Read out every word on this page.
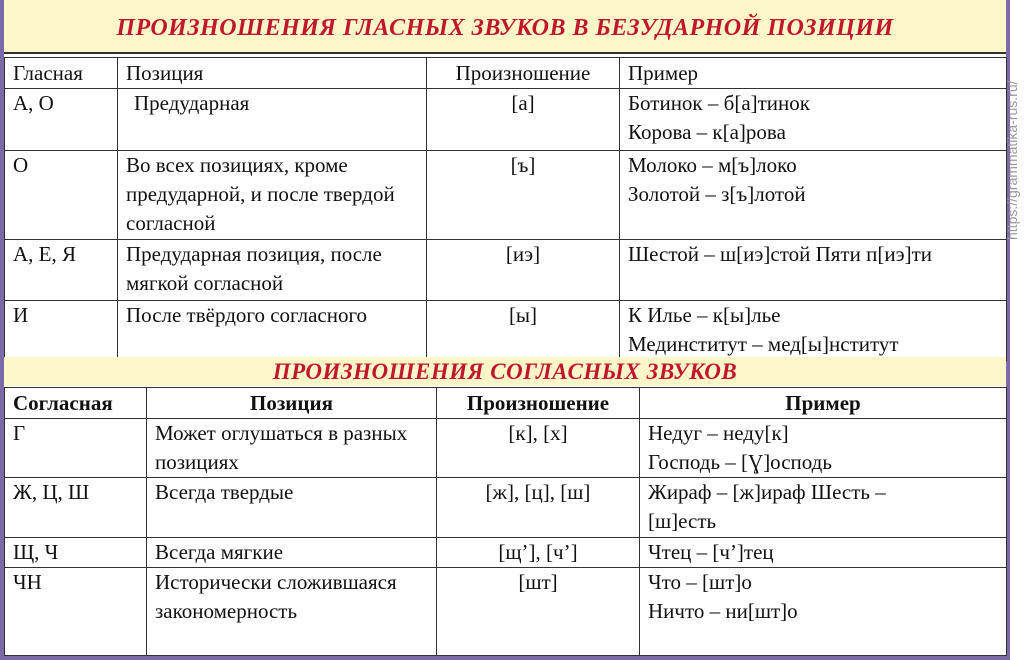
ПРОИЗНОШЕНИЯ ГЛАСНЫХ ЗВУКОВ В БЕЗУДАРНОЙ ПОЗИЦИИ
Гласная	Позиция	Произношение	Пример
А, О	Предударная	[а]	Ботинок – б[а]тинок
Корова – к[а]рова

О	Во всех позициях, кроме предударной, и после твердой согласной	[ъ]	Молоко – м[ъ]локо
Золотой – з[ъ]лотой

А, Е, Я	Предударная позиция, после мягкой согласной	[иэ]	Шестой – ш[иэ]стой Пяти п[иэ]ти

И	После твёрдого согласного	[ы]	К Илье – к[ы]лье
Мединститут – мед[ы]нститут
ПРОИЗНОШЕНИЯ СОГЛАСНЫХ ЗВУКОВ
Согласная	Позиция	Произношение	Пример
Г	Может оглушаться в разных позициях	[к], [х]	Недуг – неду[к]
Господь – [Ɣ]осподь

Ж, Ц, Ш	Всегда твердые	[ж], [ц], [ш]	Жираф – [ж]ираф Шесть –
[ш]есть

Щ, Ч	Всегда мягкие	[щ’], [ч’]	Чтец – [ч’]тец

ЧН	Исторически сложившаяся закономерность	[шт]	Что – [шт]о
Ничто – ни[шт]о
https://grammatika-rus.ru/
